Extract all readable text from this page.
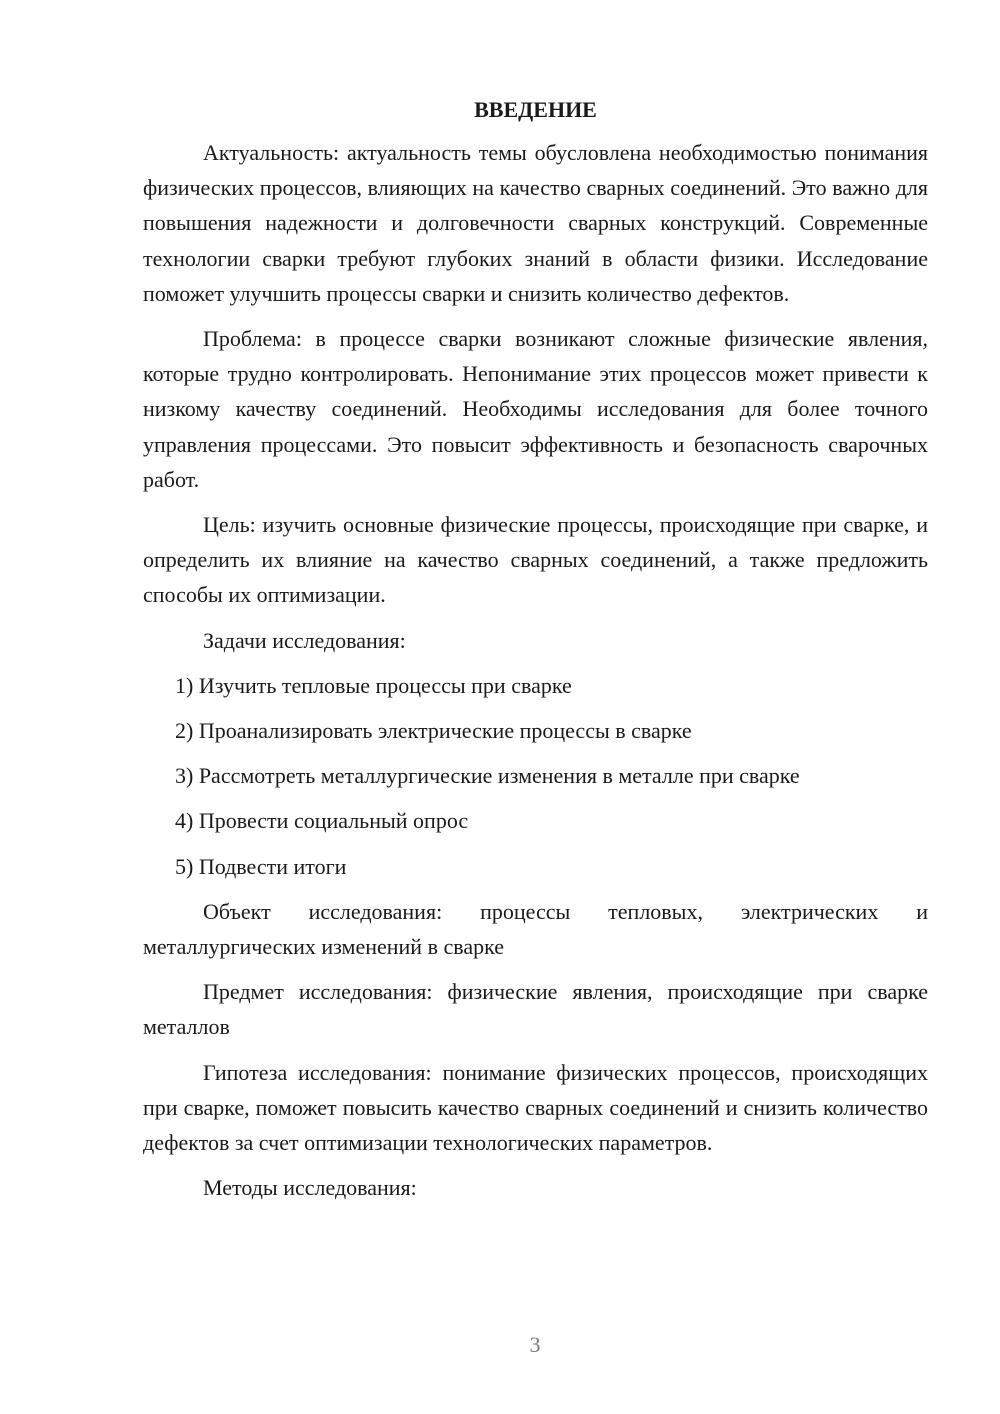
ВВЕДЕНИЕ

Актуальность: актуальность темы обусловлена необходимостью понимания физических процессов, влияющих на качество сварных соединений. Это важно для повышения надежности и долговечности сварных конструкций. Современные технологии сварки требуют глубоких знаний в области физики. Исследование поможет улучшить процессы сварки и снизить количество дефектов.

Проблема: в процессе сварки возникают сложные физические явления, которые трудно контролировать. Непонимание этих процессов может привести к низкому качеству соединений. Необходимы исследования для более точного управления процессами. Это повысит эффективность и безопасность сварочных работ.

Цель: изучить основные физические процессы, происходящие при сварке, и определить их влияние на качество сварных соединений, а также предложить способы их оптимизации.

Задачи исследования:

1) Изучить тепловые процессы при сварке
2) Проанализировать электрические процессы в сварке
3) Рассмотреть металлургические изменения в металле при сварке
4) Провести социальный опрос
5) Подвести итоги

Объект исследования: процессы тепловых, электрических и металлургических изменений в сварке

Предмет исследования: физические явления, происходящие при сварке металлов

Гипотеза исследования: понимание физических процессов, происходящих при сварке, поможет повысить качество сварных соединений и снизить количество дефектов за счет оптимизации технологических параметров.

Методы исследования:

3
